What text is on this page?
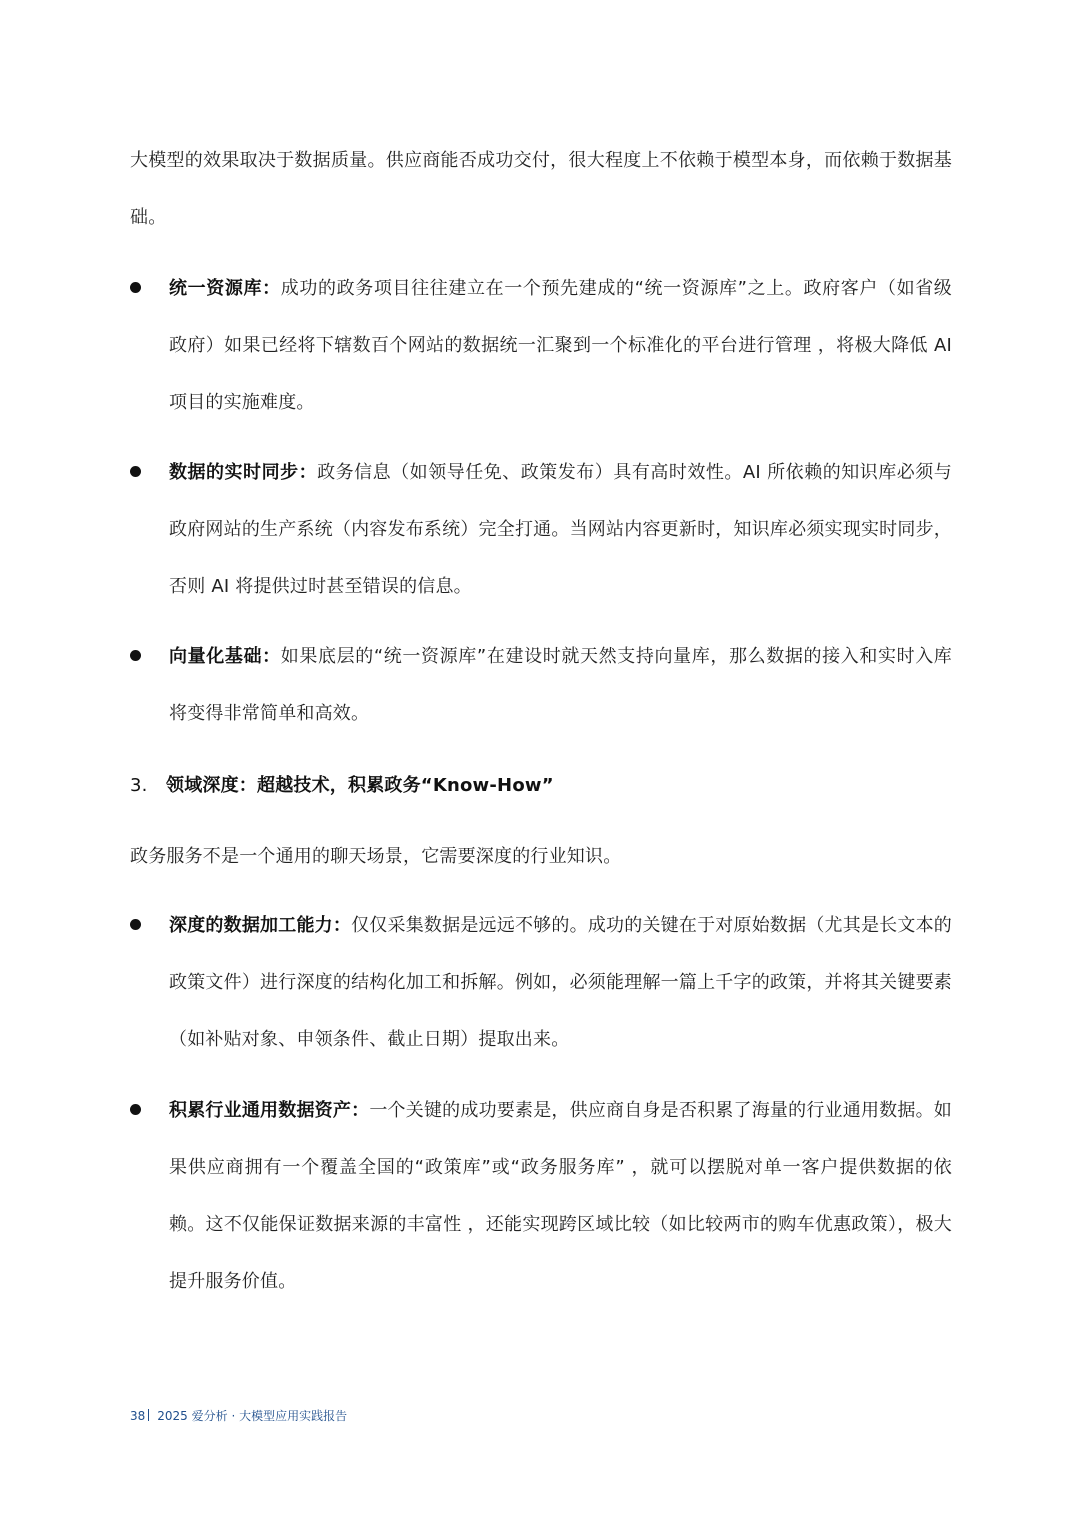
大模型的效果取决于数据质量。供应商能否成功交付，很大程度上不依赖于模型本身，而依赖于数据基础。

统一资源库：成功的政务项目往往建立在一个预先建成的“统一资源库”之上。政府客户（如省级政府）如果已经将下辖数百个网站的数据统一汇聚到一个标准化的平台进行管理 ，将极大降低 AI 项目的实施难度。
数据的实时同步：政务信息（如领导任免、政策发布）具有高时效性。AI 所依赖的知识库必须与政府网站的生产系统（内容发布系统）完全打通。当网站内容更新时，知识库必须实现实时同步，否则 AI 将提供过时甚至错误的信息。
向量化基础：如果底层的“统一资源库”在建设时就天然支持向量库，那么数据的接入和实时入库将变得非常简单和高效。
3. 领域深度：超越技术，积累政务“Know-How”

政务服务不是一个通用的聊天场景，它需要深度的行业知识。

深度的数据加工能力：仅仅采集数据是远远不够的。成功的关键在于对原始数据（尤其是长文本的政策文件）进行深度的结构化加工和拆解。例如，必须能理解一篇上千字的政策，并将其关键要素（如补贴对象、申领条件、截止日期）提取出来。
积累行业通用数据资产：一个关键的成功要素是，供应商自身是否积累了海量的行业通用数据。如果供应商拥有一个覆盖全国的“政策库”或“政务服务库” ，就可以摆脱对单一客户提供数据的依赖。这不仅能保证数据来源的丰富性 ，还能实现跨区域比较（如比较两市的购车优惠政策），极大提升服务价值。
38 2025 爱分析 · 大模型应用实践报告
